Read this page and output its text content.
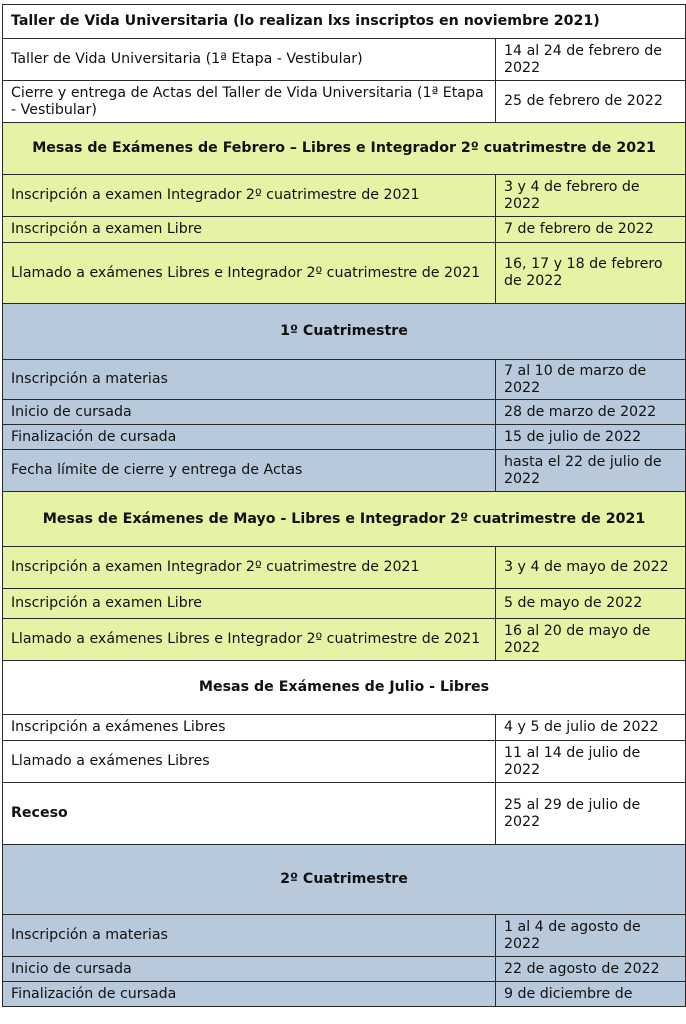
Taller de Vida Universitaria (lo realizan lxs inscriptos en noviembre 2021)	
Taller de Vida Universitaria (1ª Etapa - Vestibular)	14 al 24 de febrero de 2022
Cierre y entrega de Actas del Taller de Vida Universitaria (1ª Etapa - Vestibular)	25 de febrero de 2022
Mesas de Exámenes de Febrero – Libres e Integrador 2º cuatrimestre de 2021	
Inscripción a examen Integrador 2º cuatrimestre de 2021	3 y 4 de febrero de 2022
Inscripción a examen Libre	7 de febrero de 2022
Llamado a exámenes Libres e Integrador 2º cuatrimestre de 2021	16, 17 y 18 de febrero de 2022
1º Cuatrimestre	
Inscripción a materias	7 al 10 de marzo de 2022
Inicio de cursada	28 de marzo de 2022
Finalización de cursada	15 de julio de 2022
Fecha límite de cierre y entrega de Actas	hasta el 22 de julio de 2022
Mesas de Exámenes de Mayo - Libres e Integrador 2º cuatrimestre de 2021	
Inscripción a examen Integrador 2º cuatrimestre de 2021	3 y 4 de mayo de 2022
Inscripción a examen Libre	5 de mayo de 2022
Llamado a exámenes Libres e Integrador 2º cuatrimestre de 2021	16 al 20 de mayo de 2022
Mesas de Exámenes de Julio - Libres	
Inscripción a exámenes Libres	4 y 5 de julio de 2022
Llamado a exámenes Libres	11 al 14 de julio de 2022
Receso	25 al 29 de julio de 2022
2º Cuatrimestre	
Inscripción a materias	1 al 4 de agosto de 2022
Inicio de cursada	22 de agosto de 2022
Finalización de cursada	9 de diciembre de
